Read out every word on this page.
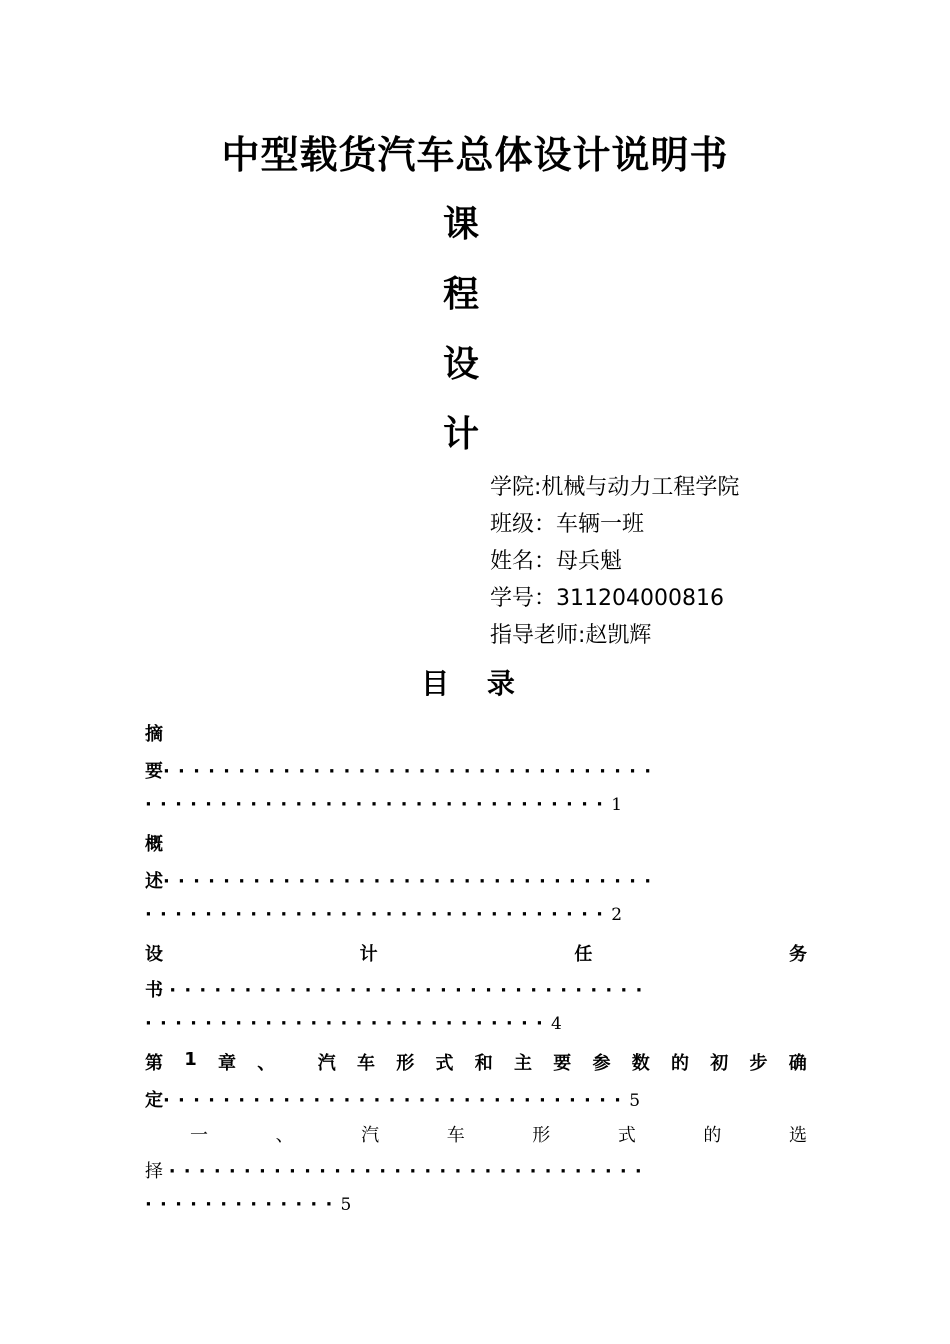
中型载货汽车总体设计说明书
课
程
设
计
学院:机械与动力工程学院
班级：车辆一班
姓名：母兵魁
学号：311204000816
指导老师:赵凯辉
目 录
摘
要·································
·······························1
概
述·································
·······························2
设	计	任	务
书 ································
···························4
第 1 章 、 汽 车 形 式 和 主 要 参 数 的 初 步 确
定·······························5
一	、	汽	车	形	式	的	选
择 ································
·············5
